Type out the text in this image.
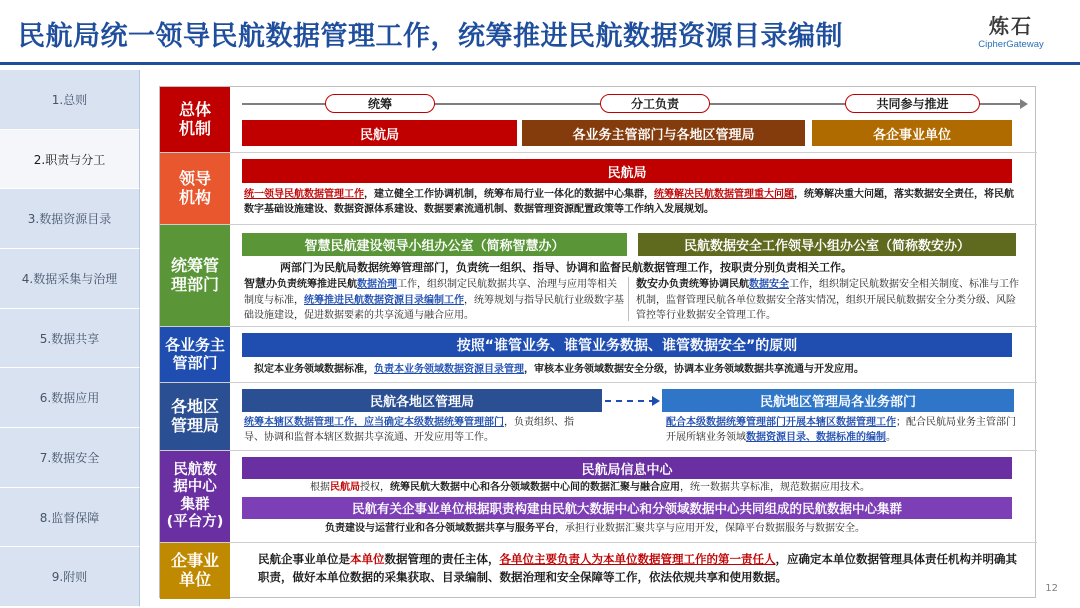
民航局统一领导民航数据管理工作，统筹推进民航数据资源目录编制	炼石
CipherGateway
1.总则
2.职责与分工
3.数据资源目录
4.数据采集与治理
5.数据共享
6.数据应用
7.数据安全
8.监督保障
9.附则
总体
机制
统筹	分工负责	共同参与推进
民航局	各业务主管部门与各地区管理局	各企事业单位
领导
机构
民航局
统一领导民航数据管理工作，建立健全工作协调机制，统筹布局行业一体化的数据中心集群，统筹解决民航数据管理重大问题，统筹解决重大问题，落实数据安全责任，将民航数字基础设施建设、数据资源体系建设、数据要素流通机制、数据管理资源配置政策等工作纳入发展规划。
统筹管
理部门
智慧民航建设领导小组办公室（简称智慧办）	民航数据安全工作领导小组办公室（简称数安办）
两部门为民航局数据统筹管理部门，负责统一组织、指导、协调和监督民航数据管理工作，按职责分别负责相关工作。
智慧办负责统筹推进民航数据治理工作，组织制定民航数据共享、治理与应用等相关制度与标准，统筹推进民航数据资源目录编制工作，统筹规划与指导民航行业级数字基础设施建设，促进数据要素的共享流通与融合应用。
数安办负责统筹协调民航数据安全工作，组织制定民航数据安全相关制度、标准与工作机制，监督管理民航各单位数据安全落实情况，组织开展民航数据安全分类分级、风险管控等行业数据安全管理工作。
各业务主
管部门
按照“谁管业务、谁管业务数据、谁管数据安全”的原则
拟定本业务领域数据标准，负责本业务领域数据资源目录管理，审核本业务领域数据安全分级，协调本业务领域数据共享流通与开发应用。
各地区
管理局
民航各地区管理局	民航地区管理局各业务部门
统筹本辖区数据管理工作，应当确定本级数据统筹管理部门，负责组织、指导、协调和监督本辖区数据共享流通、开发应用等工作。
配合本级数据统筹管理部门开展本辖区数据管理工作；配合民航局业务主管部门开展所辖业务领域数据资源目录、数据标准的编制。
民航数
据中心
集群
(平台方)
民航局信息中心
根据民航局授权，统筹民航大数据中心和各分领域数据中心间的数据汇聚与融合应用，统一数据共享标准，规范数据应用技术。
民航有关企事业单位根据职责构建由民航大数据中心和分领域数据中心共同组成的民航数据中心集群
负责建设与运营行业和各分领域数据共享与服务平台，承担行业数据汇聚共享与应用开发，保障平台数据服务与数据安全。
企事业
单位
民航企事业单位是本单位数据管理的责任主体，各单位主要负责人为本单位数据管理工作的第一责任人，应确定本单位数据管理具体责任机构并明确其职责，做好本单位数据的采集获取、目录编制、数据治理和安全保障等工作，依法依规共享和使用数据。
12
